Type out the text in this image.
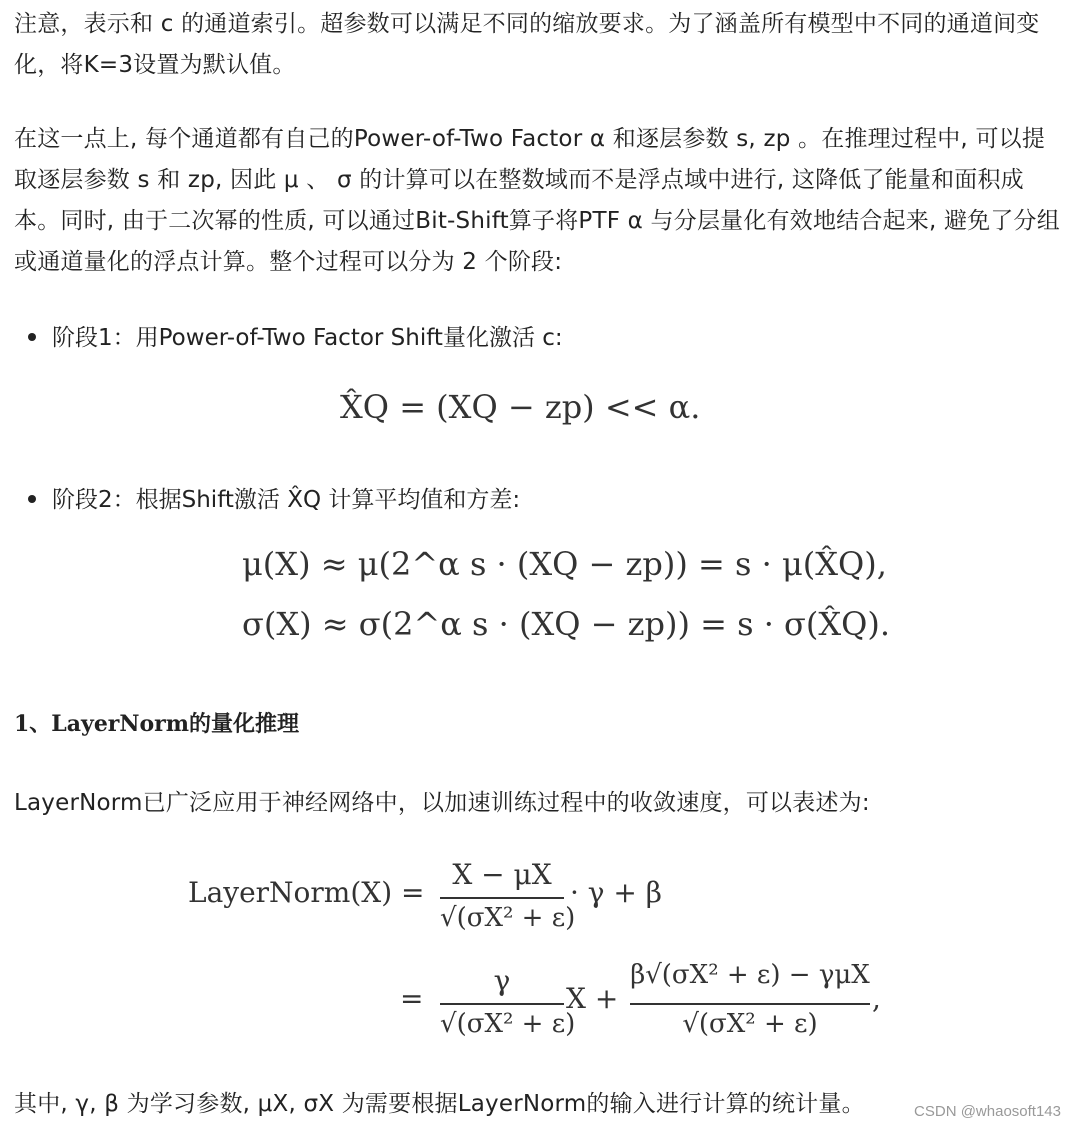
注意，表示和 c 的通道索引。超参数可以满足不同的缩放要求。为了涵盖所有模型中不同的通道间变化，将K=3设置为默认值。

在这一点上, 每个通道都有自己的Power-of-Two Factor α 和逐层参数 s, zp 。在推理过程中, 可以提取逐层参数 s 和 zp, 因此 μ 、 σ 的计算可以在整数域而不是浮点域中进行, 这降低了能量和面积成本。同时, 由于二次幂的性质, 可以通过Bit-Shift算子将PTF α 与分层量化有效地结合起来, 避免了分组或通道量化的浮点计算。整个过程可以分为 2 个阶段:

阶段1：用Power-of-Two Factor Shift量化激活 c:
X̂Q = (XQ − zp) << α.
阶段2：根据Shift激活 X̂Q 计算平均值和方差:
μ(X) ≈ μ(2^α s · (XQ − zp)) = s · μ(X̂Q),
σ(X) ≈ σ(2^α s · (XQ − zp)) = s · σ(X̂Q).
1、LayerNorm的量化推理

LayerNorm已广泛应用于神经网络中，以加速训练过程中的收敛速度，可以表述为:

LayerNorm(X) =
X − μX
√(σX² + ε)
· γ + β
=
γ
√(σX² + ε)
X +
β√(σX² + ε) − γμX
√(σX² + ε)
,

其中, γ, β 为学习参数, μX, σX 为需要根据LayerNorm的输入进行计算的统计量。	CSDN @whaosoft143
